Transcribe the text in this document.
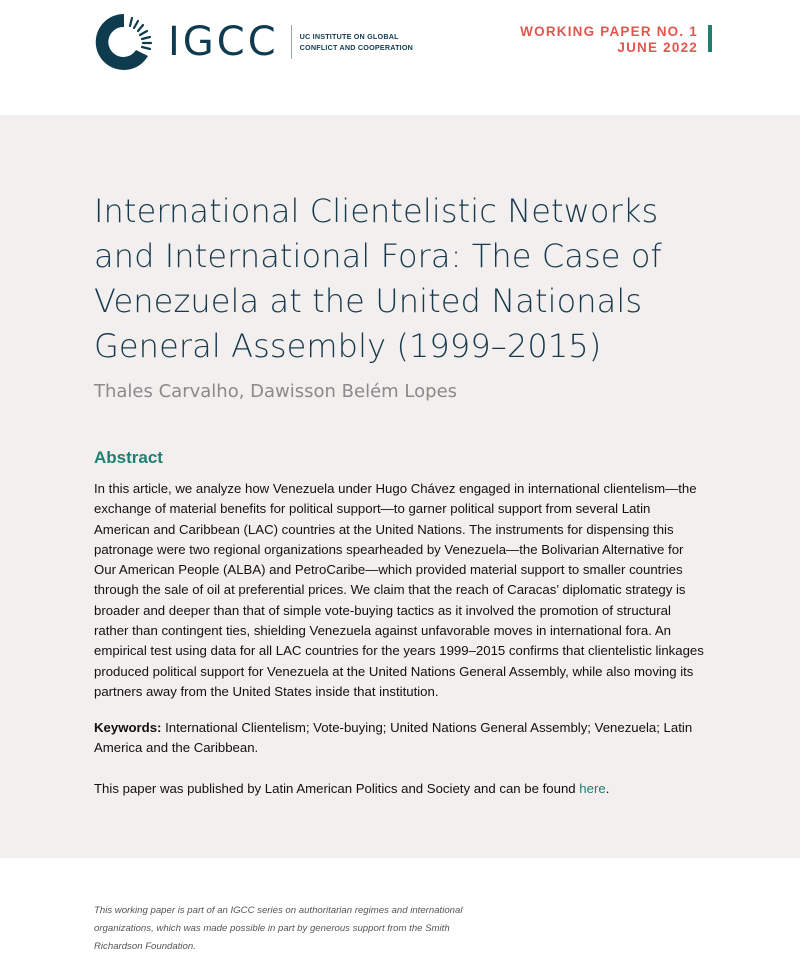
IGCC	UC INSTITUTE ON GLOBAL
CONFLICT AND COOPERATION
WORKING PAPER NO. 1
JUNE 2022
International Clientelistic Networks and International Fora: The Case of Venezuela at the United Nationals General Assembly (1999–2015)

Thales Carvalho, Dawisson Belém Lopes

Abstract

In this article, we analyze how Venezuela under Hugo Chávez engaged in international clientelism—the exchange of material benefits for political support—to garner political support from several Latin American and Caribbean (LAC) countries at the United Nations. The instruments for dispensing this patronage were two regional organizations spearheaded by Venezuela—the Bolivarian Alternative for Our American People (ALBA) and PetroCaribe—which provided material support to smaller countries through the sale of oil at preferential prices. We claim that the reach of Caracas’ diplomatic strategy is broader and deeper than that of simple vote-buying tactics as it involved the promotion of structural rather than contingent ties, shielding Venezuela against unfavorable moves in international fora. An empirical test using data for all LAC countries for the years 1999–2015 confirms that clientelistic linkages produced political support for Venezuela at the United Nations General Assembly, while also moving its partners away from the United States inside that institution.

Keywords: International Clientelism; Vote-buying; United Nations General Assembly; Venezuela; Latin America and the Caribbean.

This paper was published by Latin American Politics and Society and can be found here.

This working paper is part of an IGCC series on authoritarian regimes and international organizations, which was made possible in part by generous support from the Smith Richardson Foundation.
